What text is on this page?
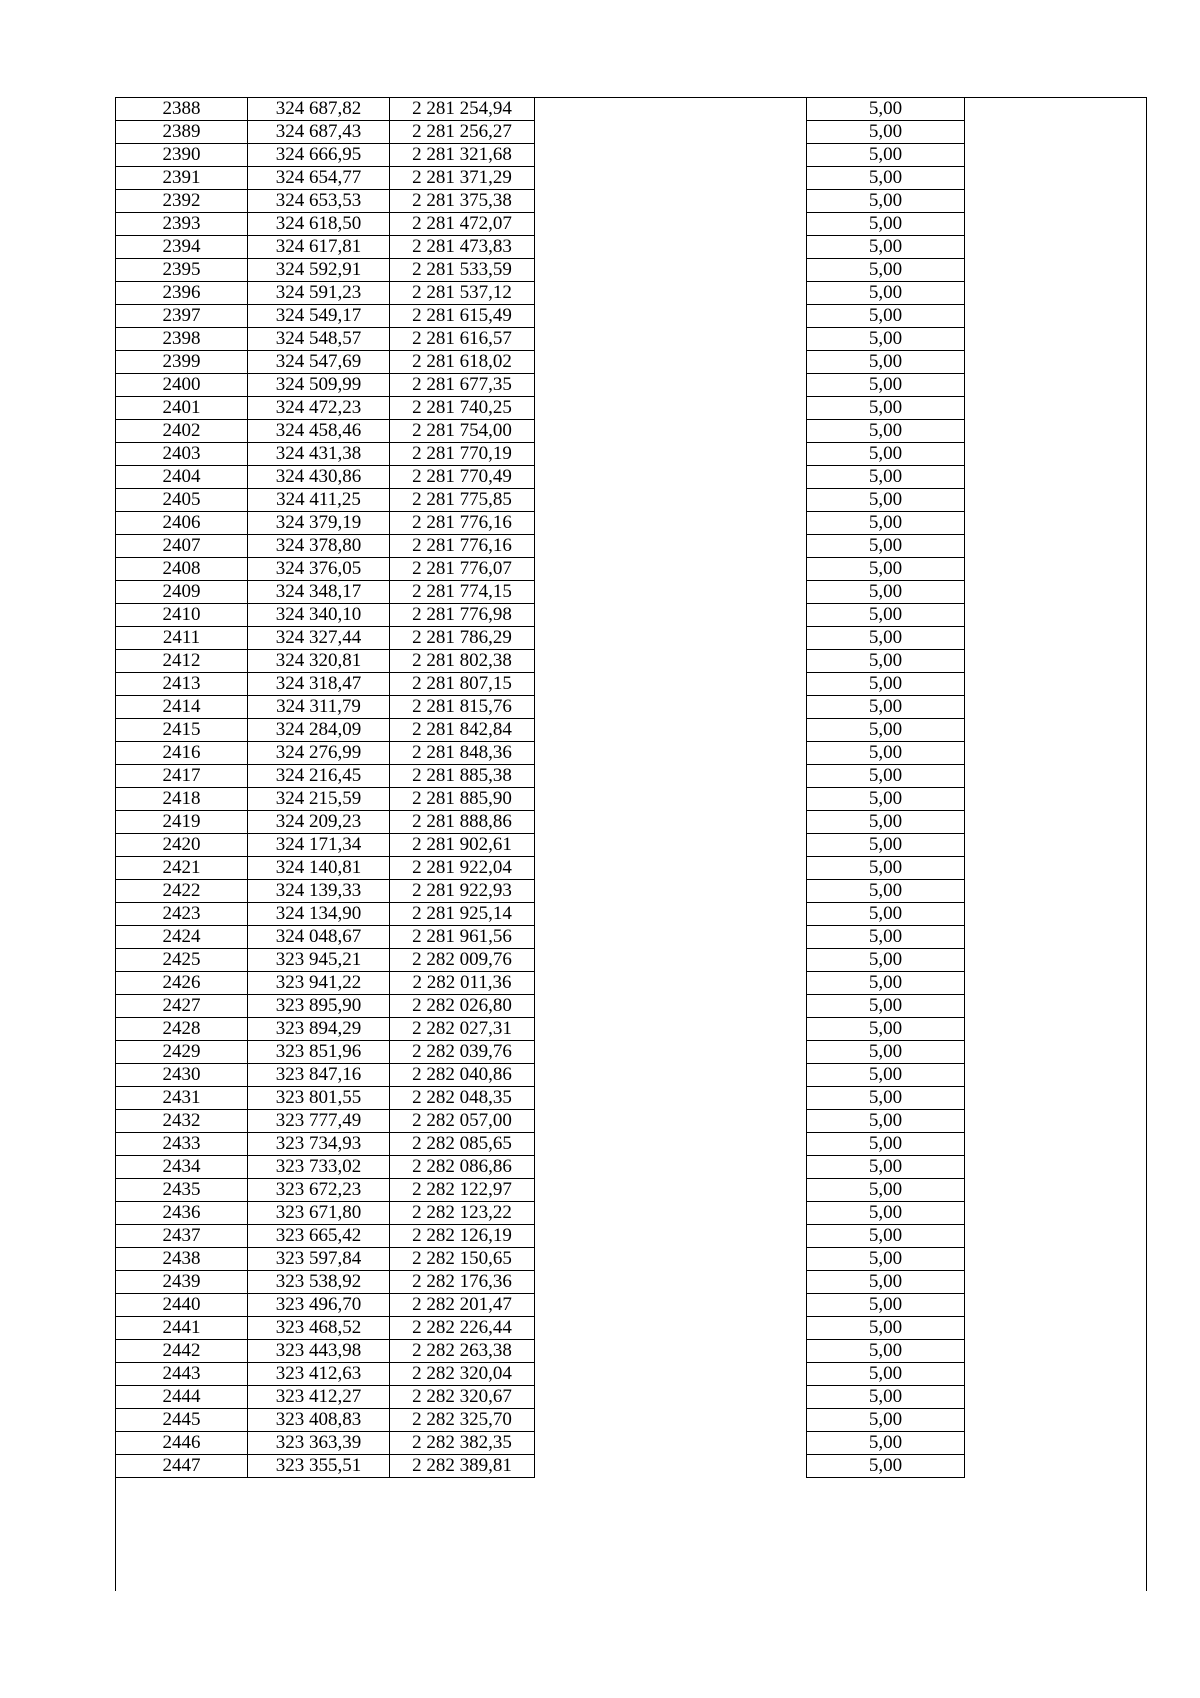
2388	324 687,82	2 281 254,94		5,00	
2389	324 687,43	2 281 256,27		5,00	
2390	324 666,95	2 281 321,68		5,00	
2391	324 654,77	2 281 371,29		5,00	
2392	324 653,53	2 281 375,38		5,00	
2393	324 618,50	2 281 472,07		5,00	
2394	324 617,81	2 281 473,83		5,00	
2395	324 592,91	2 281 533,59		5,00	
2396	324 591,23	2 281 537,12		5,00	
2397	324 549,17	2 281 615,49		5,00	
2398	324 548,57	2 281 616,57		5,00	
2399	324 547,69	2 281 618,02		5,00	
2400	324 509,99	2 281 677,35		5,00	
2401	324 472,23	2 281 740,25		5,00	
2402	324 458,46	2 281 754,00		5,00	
2403	324 431,38	2 281 770,19		5,00	
2404	324 430,86	2 281 770,49		5,00	
2405	324 411,25	2 281 775,85		5,00	
2406	324 379,19	2 281 776,16		5,00	
2407	324 378,80	2 281 776,16		5,00	
2408	324 376,05	2 281 776,07		5,00	
2409	324 348,17	2 281 774,15		5,00	
2410	324 340,10	2 281 776,98		5,00	
2411	324 327,44	2 281 786,29		5,00	
2412	324 320,81	2 281 802,38		5,00	
2413	324 318,47	2 281 807,15		5,00	
2414	324 311,79	2 281 815,76		5,00	
2415	324 284,09	2 281 842,84		5,00	
2416	324 276,99	2 281 848,36		5,00	
2417	324 216,45	2 281 885,38		5,00	
2418	324 215,59	2 281 885,90		5,00	
2419	324 209,23	2 281 888,86		5,00	
2420	324 171,34	2 281 902,61		5,00	
2421	324 140,81	2 281 922,04		5,00	
2422	324 139,33	2 281 922,93		5,00	
2423	324 134,90	2 281 925,14		5,00	
2424	324 048,67	2 281 961,56		5,00	
2425	323 945,21	2 282 009,76		5,00	
2426	323 941,22	2 282 011,36		5,00	
2427	323 895,90	2 282 026,80		5,00	
2428	323 894,29	2 282 027,31		5,00	
2429	323 851,96	2 282 039,76		5,00	
2430	323 847,16	2 282 040,86		5,00	
2431	323 801,55	2 282 048,35		5,00	
2432	323 777,49	2 282 057,00		5,00	
2433	323 734,93	2 282 085,65		5,00	
2434	323 733,02	2 282 086,86		5,00	
2435	323 672,23	2 282 122,97		5,00	
2436	323 671,80	2 282 123,22		5,00	
2437	323 665,42	2 282 126,19		5,00	
2438	323 597,84	2 282 150,65		5,00	
2439	323 538,92	2 282 176,36		5,00	
2440	323 496,70	2 282 201,47		5,00	
2441	323 468,52	2 282 226,44		5,00	
2442	323 443,98	2 282 263,38		5,00	
2443	323 412,63	2 282 320,04		5,00	
2444	323 412,27	2 282 320,67		5,00	
2445	323 408,83	2 282 325,70		5,00	
2446	323 363,39	2 282 382,35		5,00	
2447	323 355,51	2 282 389,81		5,00	
